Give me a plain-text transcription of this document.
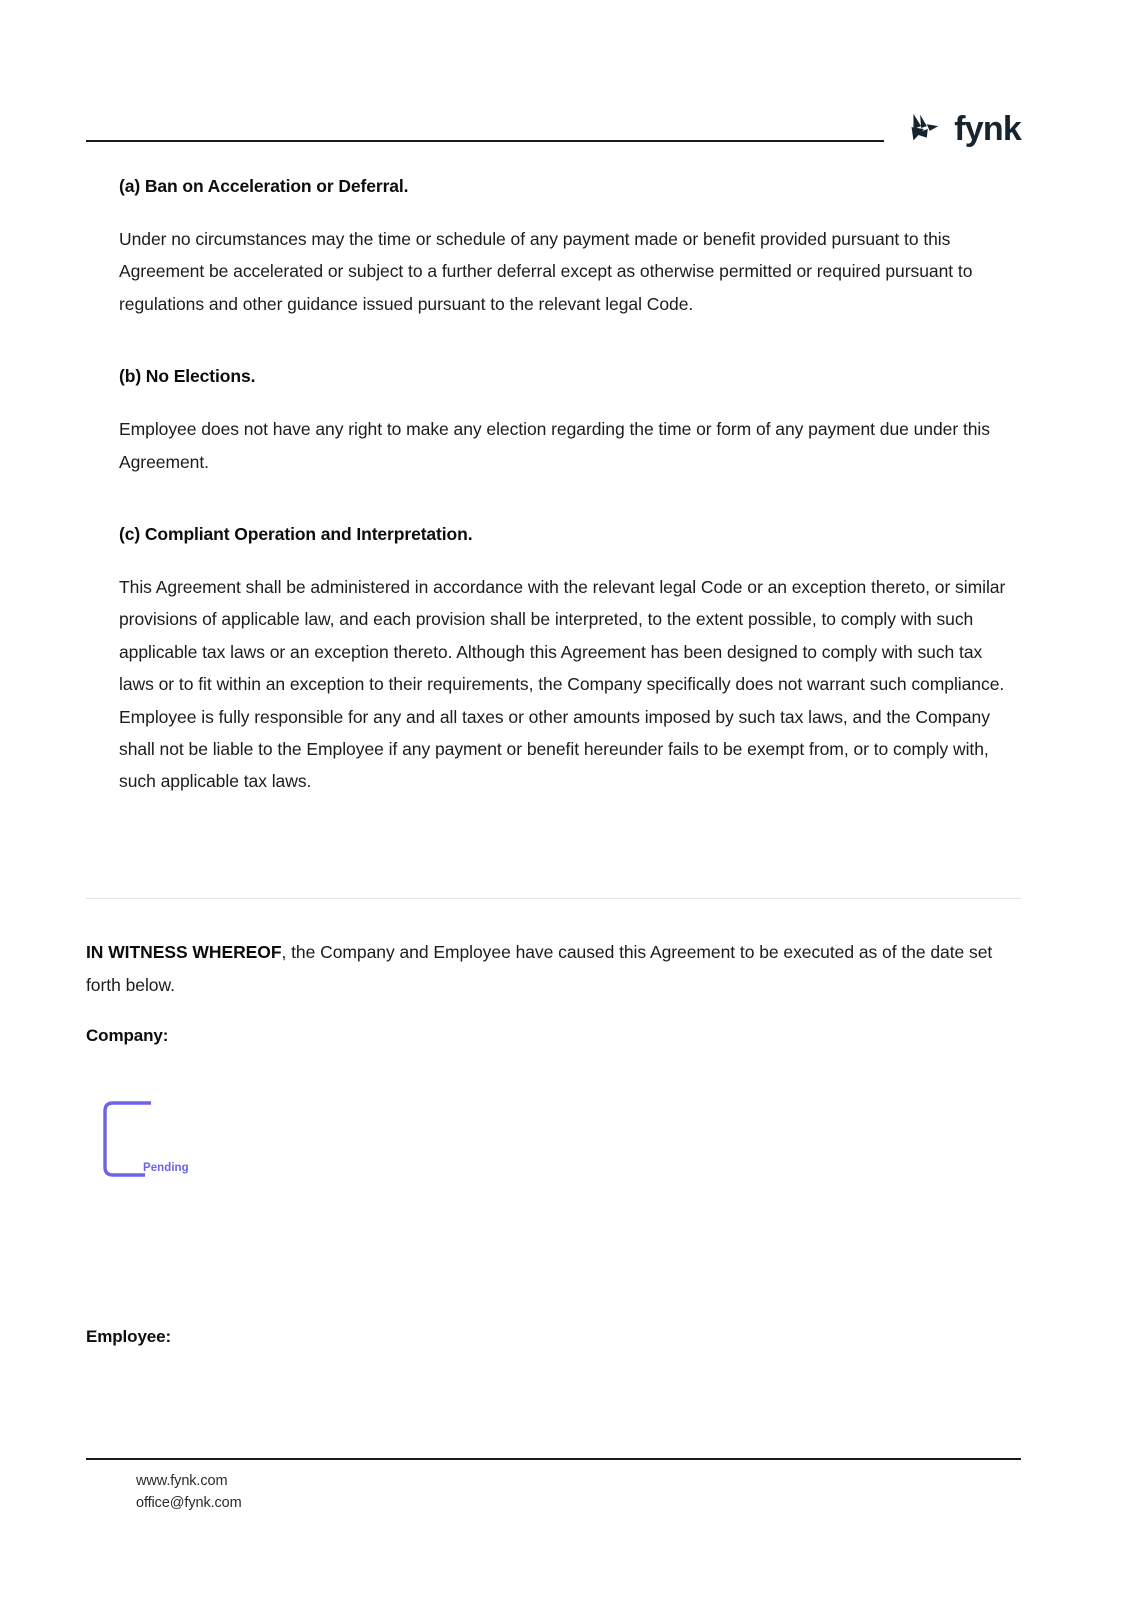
fynk

(a) Ban on Acceleration or Deferral.

Under no circumstances may the time or schedule of any payment made or benefit provided pursuant to this Agreement be accelerated or subject to a further deferral except as otherwise permitted or required pursuant to regulations and other guidance issued pursuant to the relevant legal Code.

(b) No Elections.

Employee does not have any right to make any election regarding the time or form of any payment due under this Agreement.

(c) Compliant Operation and Interpretation.

This Agreement shall be administered in accordance with the relevant legal Code or an exception thereto, or similar provisions of applicable law, and each provision shall be interpreted, to the extent possible, to comply with such applicable tax laws or an exception thereto. Although this Agreement has been designed to comply with such tax laws or to fit within an exception to their requirements, the Company specifically does not warrant such compliance. Employee is fully responsible for any and all taxes or other amounts imposed by such tax laws, and the Company shall not be liable to the Employee if any payment or benefit hereunder fails to be exempt from, or to comply with, such applicable tax laws.

IN WITNESS WHEREOF, the Company and Employee have caused this Agreement to be executed as of the date set forth below.

Company:
Pending
Employee:
www.fynk.com
office@fynk.com
